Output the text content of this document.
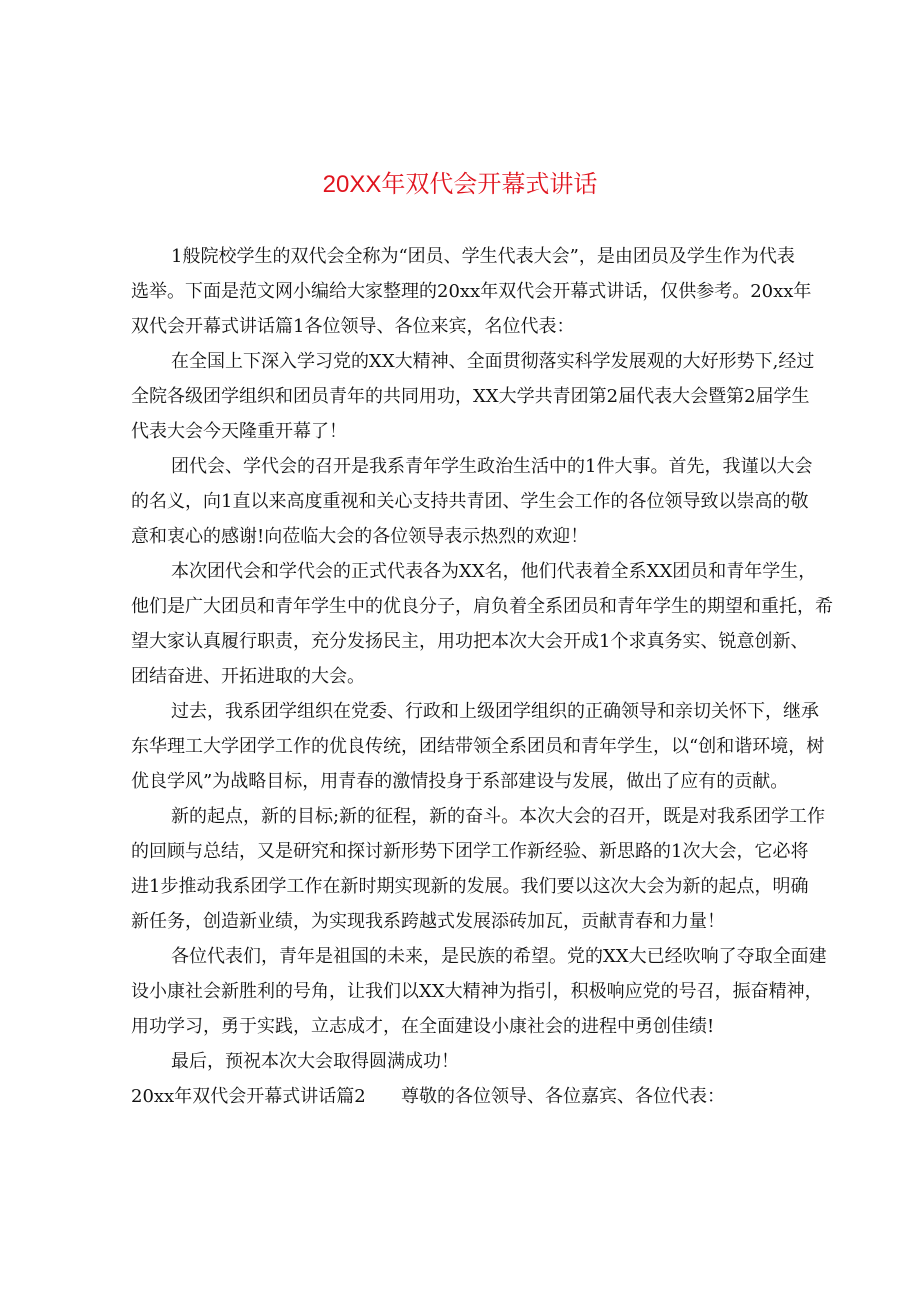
20XX年双代会开幕式讲话
1般院校学生的双代会全称为“团员、学生代表大会”，是由团员及学生作为代表
选举。下面是范文网小编给大家整理的20xx年双代会开幕式讲话，仅供参考。20xx年
双代会开幕式讲话篇1各位领导、各位来宾，名位代表：
在全国上下深入学习党的XX大精神、全面贯彻落实科学发展观的大好形势下,经过
全院各级团学组织和团员青年的共同用功，XX大学共青团第2届代表大会暨第2届学生
代表大会今天隆重开幕了！
团代会、学代会的召开是我系青年学生政治生活中的1件大事。首先，我谨以大会
的名义，向1直以来高度重视和关心支持共青团、学生会工作的各位领导致以崇高的敬
意和衷心的感谢!向莅临大会的各位领导表示热烈的欢迎！
本次团代会和学代会的正式代表各为XX名，他们代表着全系XX团员和青年学生，
他们是广大团员和青年学生中的优良分子，肩负着全系团员和青年学生的期望和重托，希
望大家认真履行职责，充分发扬民主，用功把本次大会开成1个求真务实、锐意创新、
团结奋进、开拓进取的大会。
过去，我系团学组织在党委、行政和上级团学组织的正确领导和亲切关怀下，继承
东华理工大学团学工作的优良传统，团结带领全系团员和青年学生，以“创和谐环境，树
优良学风”为战略目标，用青春的激情投身于系部建设与发展，做出了应有的贡献。
新的起点，新的目标;新的征程，新的奋斗。本次大会的召开，既是对我系团学工作
的回顾与总结，又是研究和探讨新形势下团学工作新经验、新思路的1次大会，它必将
进1步推动我系团学工作在新时期实现新的发展。我们要以这次大会为新的起点，明确
新任务，创造新业绩，为实现我系跨越式发展添砖加瓦，贡献青春和力量！
各位代表们，青年是祖国的未来，是民族的希望。党的XX大已经吹响了夺取全面建
设小康社会新胜利的号角，让我们以XX大精神为指引，积极响应党的号召，振奋精神，
用功学习，勇于实践，立志成才，在全面建设小康社会的进程中勇创佳绩!
最后，预祝本次大会取得圆满成功！
20xx年双代会开幕式讲话篇2	尊敬的各位领导、各位嘉宾、各位代表：
